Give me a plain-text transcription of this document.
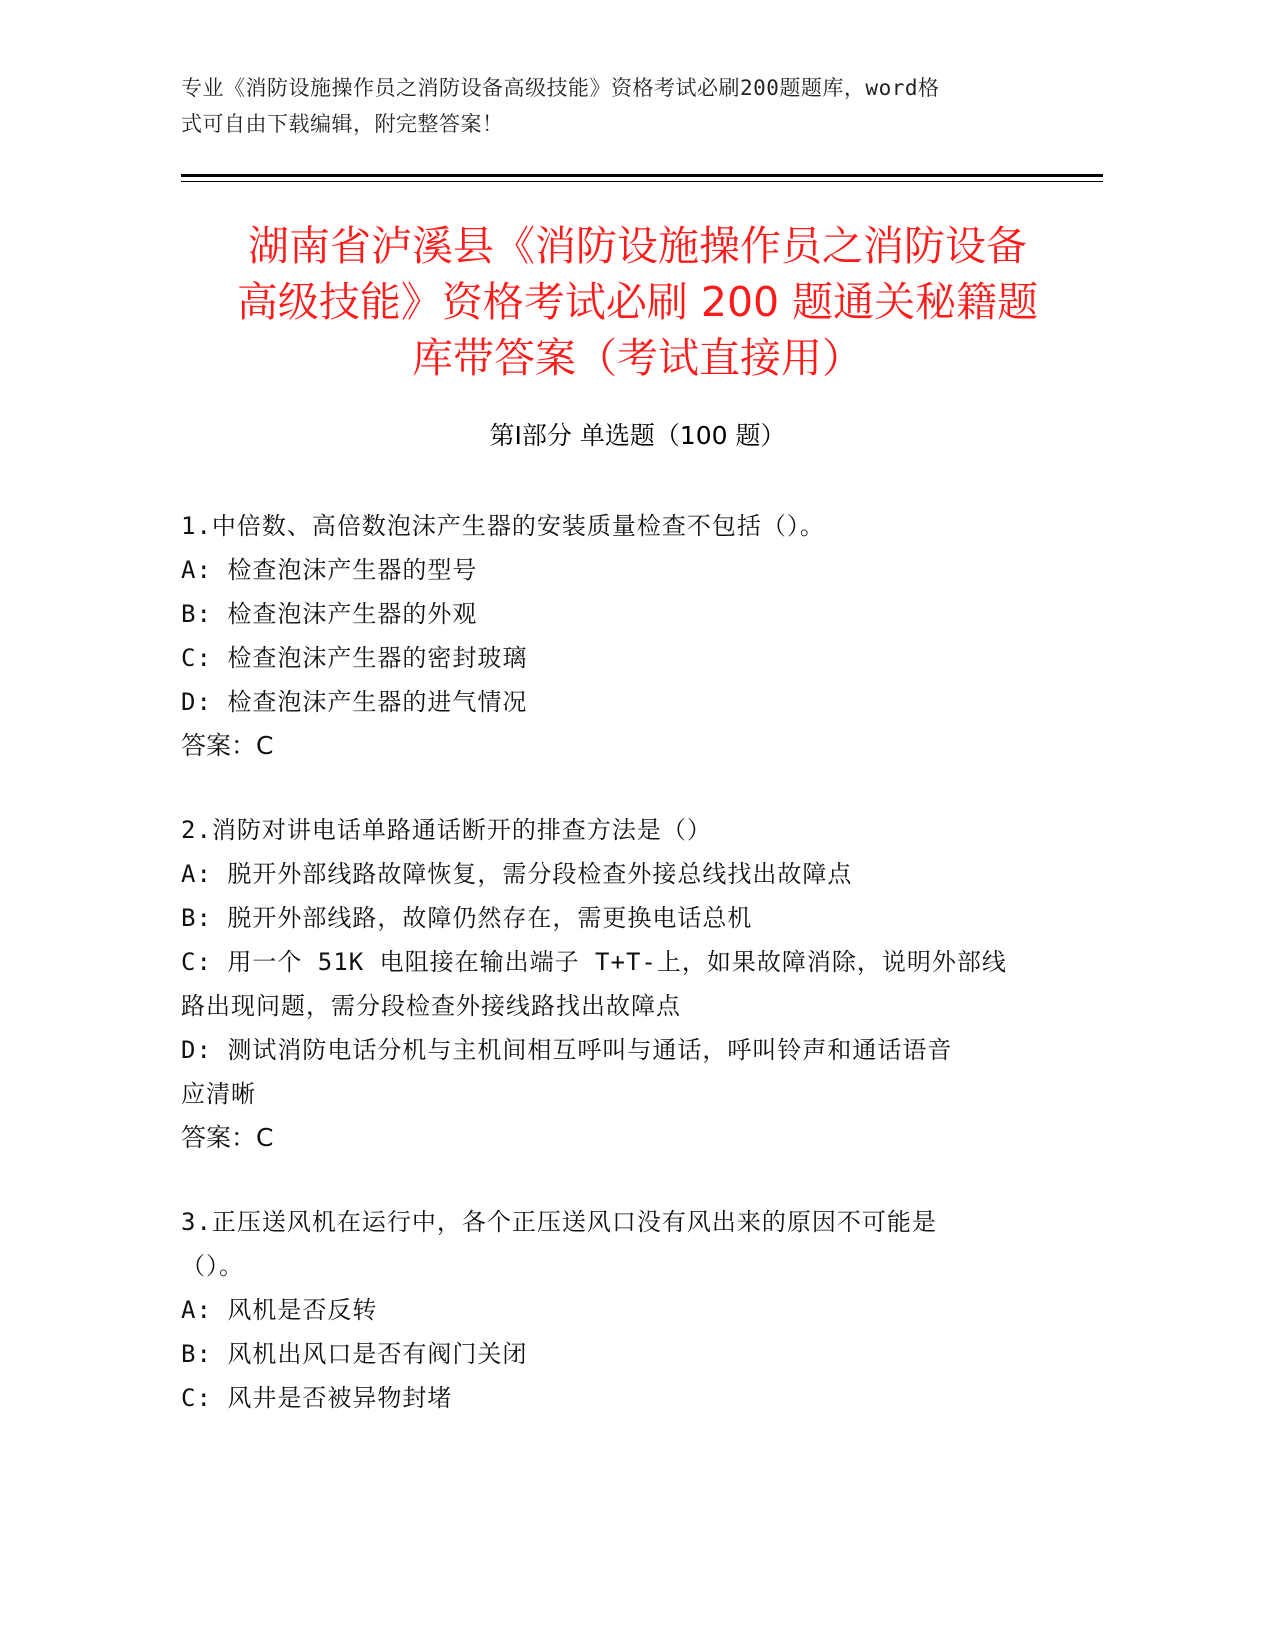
专业《消防设施操作员之消防设备高级技能》资格考试必刷200题题库，word格
式可自由下载编辑，附完整答案！
湖南省泸溪县《消防设施操作员之消防设备
高级技能》资格考试必刷 200 题通关秘籍题
库带答案（考试直接用）
第Ⅰ部分 单选题（100 题）

1.中倍数、高倍数泡沫产生器的安装质量检查不包括（）。

A: 检查泡沫产生器的型号

B: 检查泡沫产生器的外观

C: 检查泡沫产生器的密封玻璃

D: 检查泡沫产生器的进气情况

答案：C

2.消防对讲电话单路通话断开的排查方法是（）

A: 脱开外部线路故障恢复，需分段检查外接总线找出故障点

B: 脱开外部线路，故障仍然存在，需更换电话总机

C: 用一个 51K 电阻接在输出端子 T+T-上，如果故障消除，说明外部线

路出现问题，需分段检查外接线路找出故障点

D: 测试消防电话分机与主机间相互呼叫与通话，呼叫铃声和通话语音

应清晰

答案：C

3.正压送风机在运行中，各个正压送风口没有风出来的原因不可能是

（）。

A: 风机是否反转

B: 风机出风口是否有阀门关闭

C: 风井是否被异物封堵
